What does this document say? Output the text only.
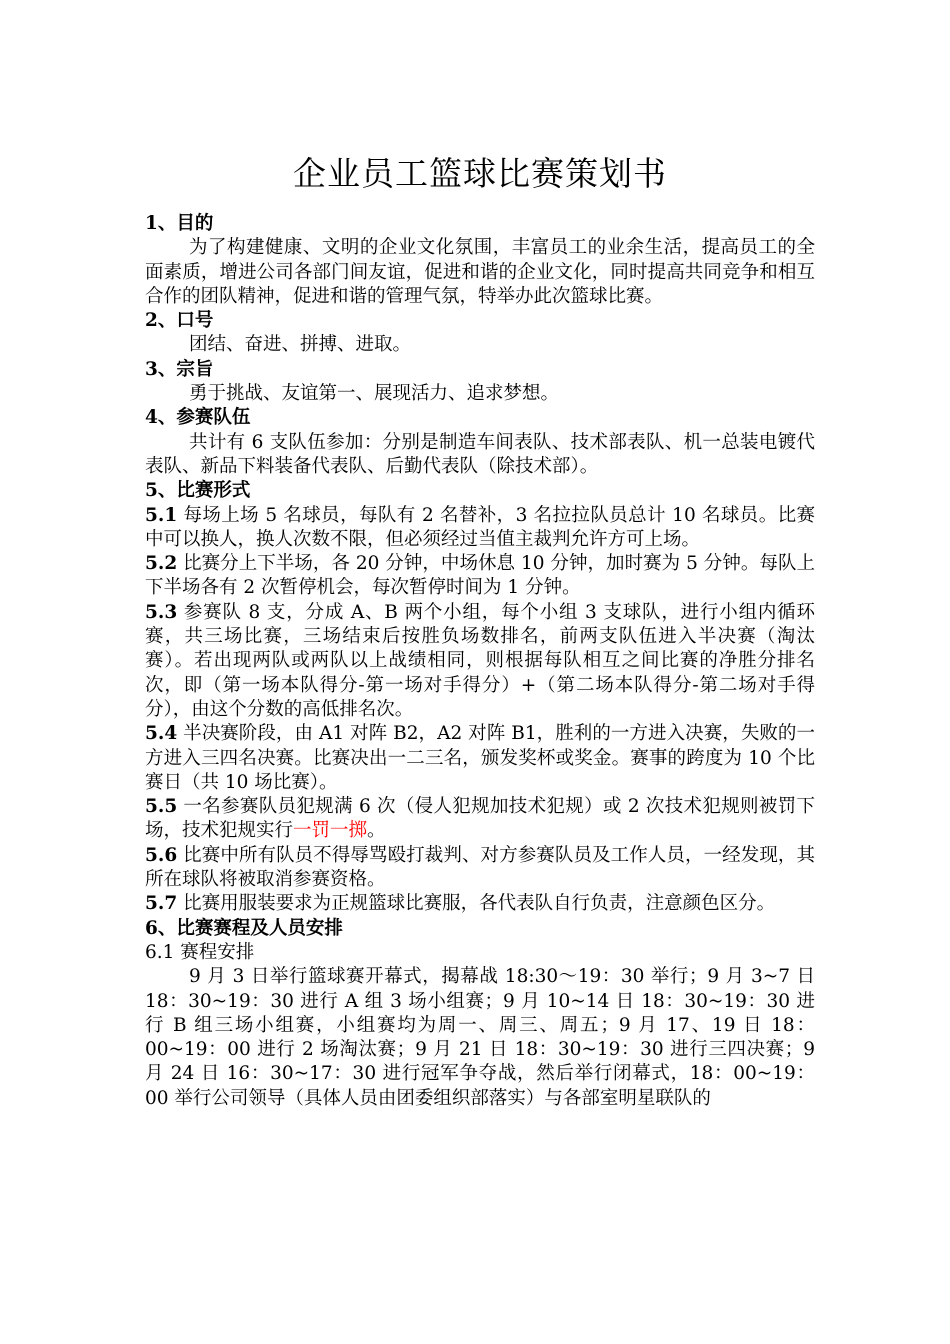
企业员工篮球比赛策划书

1、目的

为了构建健康、文明的企业文化氛围，丰富员工的业余生活，提高员工的全面素质，增进公司各部门间友谊，促进和谐的企业文化，同时提高共同竞争和相互合作的团队精神，促进和谐的管理气氛，特举办此次篮球比赛。

2、口号

团结、奋进、拼搏、进取。

3、宗旨

勇于挑战、友谊第一、展现活力、追求梦想。

4、参赛队伍

共计有 6 支队伍参加：分别是制造车间表队、技术部表队、机一总装电镀代表队、新品下料装备代表队、后勤代表队（除技术部）。

5、比赛形式

5.1 每场上场 5 名球员，每队有 2 名替补，3 名拉拉队员总计 10 名球员。比赛中可以换人，换人次数不限，但必须经过当值主裁判允许方可上场。

5.2 比赛分上下半场，各 20 分钟，中场休息 10 分钟，加时赛为 5 分钟。每队上下半场各有 2 次暂停机会，每次暂停时间为 1 分钟。

5.3 参赛队 8 支，分成 A、B 两个小组，每个小组 3 支球队，进行小组内循环赛，共三场比赛，三场结束后按胜负场数排名，前两支队伍进入半决赛（淘汰赛）。若出现两队或两队以上战绩相同，则根据每队相互之间比赛的净胜分排名次，即（第一场本队得分-第一场对手得分）+（第二场本队得分-第二场对手得分），由这个分数的高低排名次。

5.4 半决赛阶段，由 A1 对阵 B2，A2 对阵 B1，胜利的一方进入决赛，失败的一方进入三四名决赛。比赛决出一二三名，颁发奖杯或奖金。赛事的跨度为 10 个比赛日（共 10 场比赛）。

5.5 一名参赛队员犯规满 6 次（侵人犯规加技术犯规）或 2 次技术犯规则被罚下场，技术犯规实行一罚一掷。

5.6 比赛中所有队员不得辱骂殴打裁判、对方参赛队员及工作人员，一经发现，其所在球队将被取消参赛资格。

5.7 比赛用服装要求为正规篮球比赛服，各代表队自行负责，注意颜色区分。

6、比赛赛程及人员安排

6.1 赛程安排

9 月 3 日举行篮球赛开幕式，揭幕战 18:30～19：30 举行；9 月 3~7 日 18：30~19：30 进行 A 组 3 场小组赛；9 月 10~14 日 18：30~19：30 进行 B 组三场小组赛，小组赛均为周一、周三、周五；9 月 17、19 日 18：00~19：00 进行 2 场淘汰赛；9 月 21 日 18：30~19：30 进行三四决赛；9 月 24 日 16：30~17：30 进行冠军争夺战，然后举行闭幕式，18：00~19：00 举行公司领导（具体人员由团委组织部落实）与各部室明星联队的
